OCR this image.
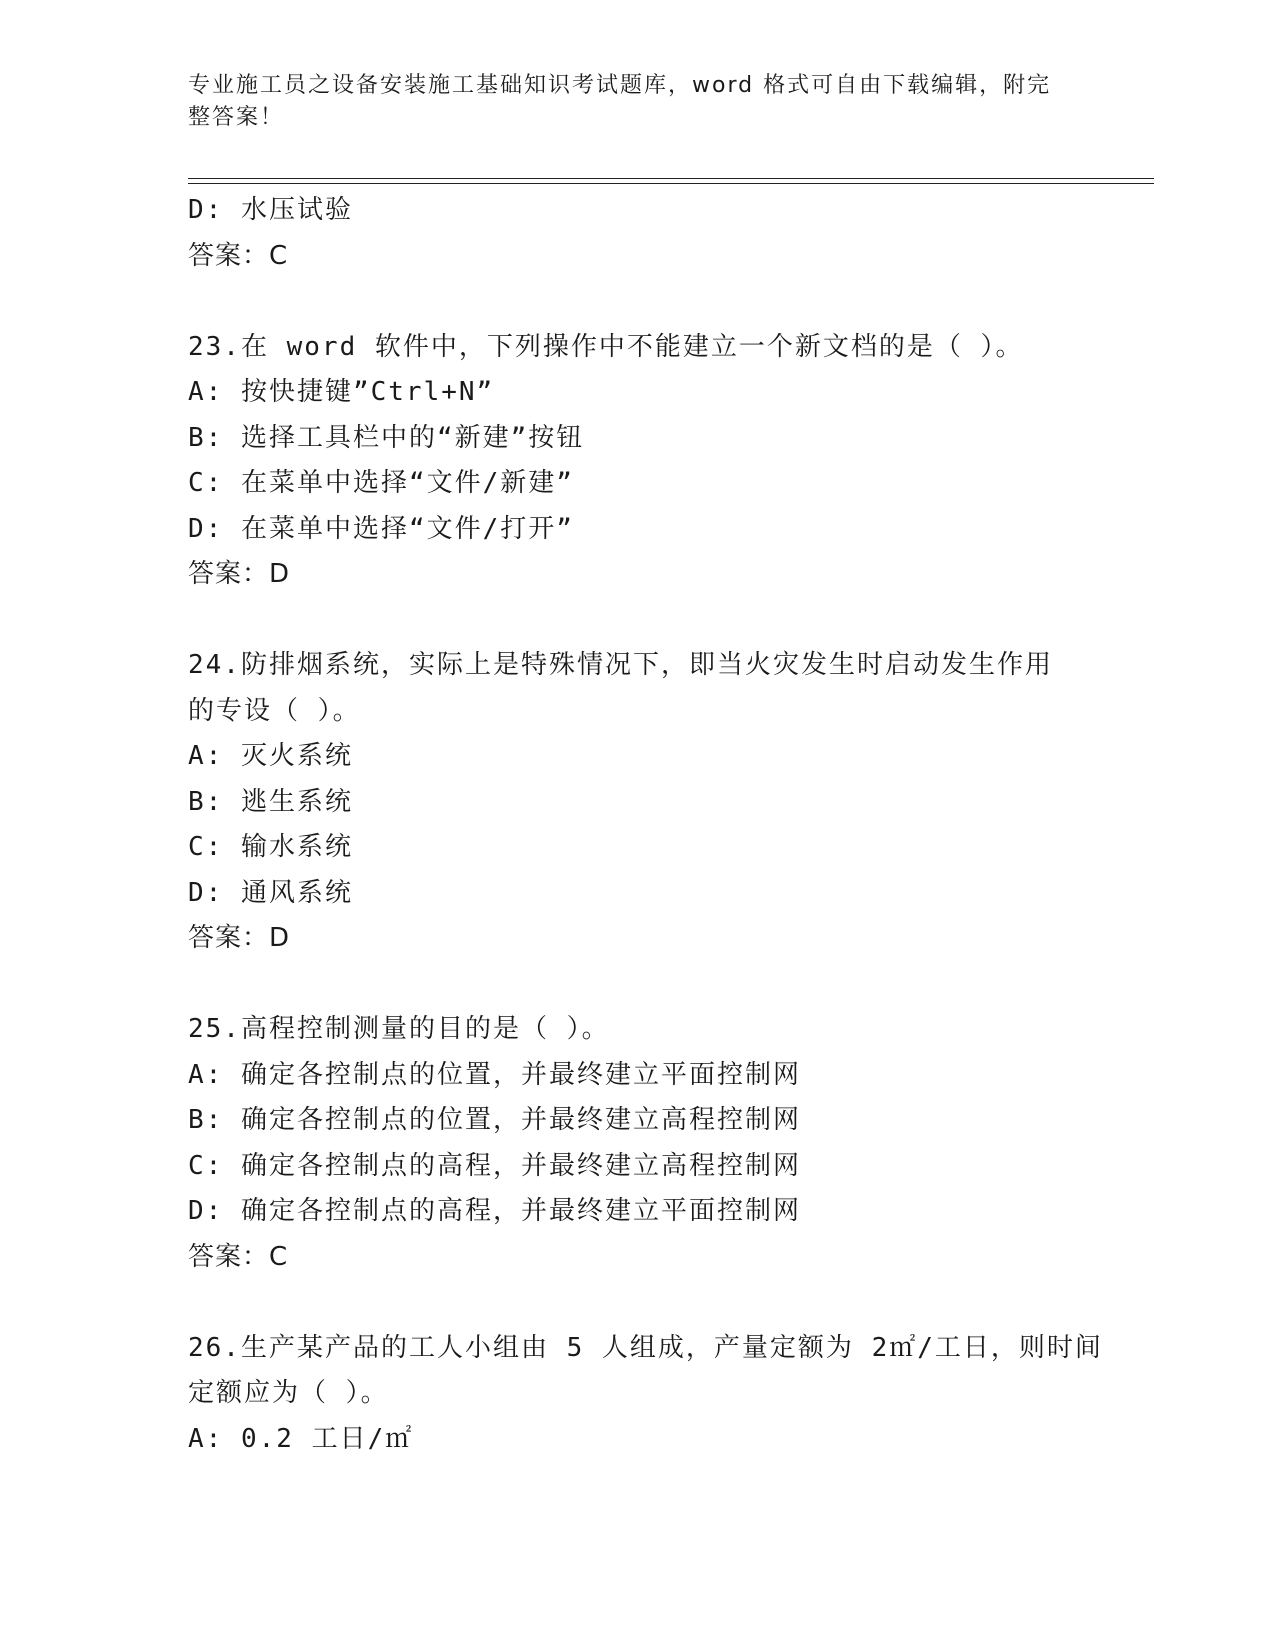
专业施工员之设备安装施工基础知识考试题库，word 格式可自由下载编辑，附完整答案！
D: 水压试验
答案：C
23.在 word 软件中，下列操作中不能建立一个新文档的是（ ）。
A: 按快捷键”Ctrl+N”
B: 选择工具栏中的“新建”按钮
C: 在菜单中选择“文件/新建”
D: 在菜单中选择“文件/打开”
答案：D
24.防排烟系统，实际上是特殊情况下，即当火灾发生时启动发生作用
的专设（ ）。
A: 灭火系统
B: 逃生系统
C: 输水系统
D: 通风系统
答案：D
25.高程控制测量的目的是（ ）。
A: 确定各控制点的位置，并最终建立平面控制网
B: 确定各控制点的位置，并最终建立高程控制网
C: 确定各控制点的高程，并最终建立高程控制网
D: 确定各控制点的高程，并最终建立平面控制网
答案：C
26.生产某产品的工人小组由 5 人组成，产量定额为 2㎡/工日，则时间
定额应为（ ）。
A: 0.2 工日/㎡
